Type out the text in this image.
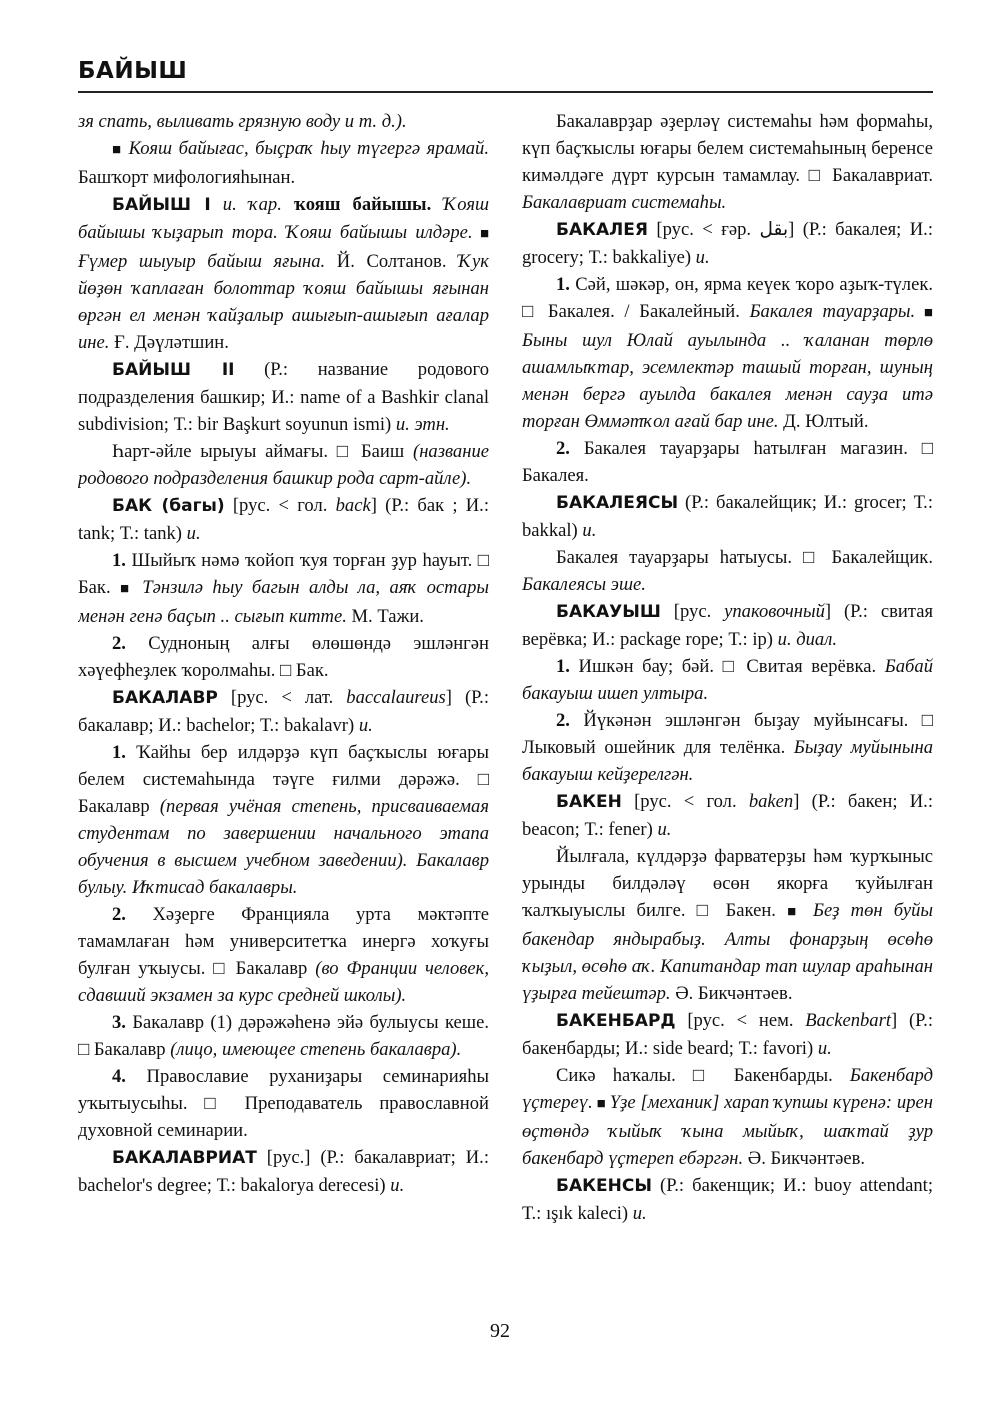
БАЙЫШ

зя спать, выливать грязную воду и т. д.).

■ Кояш байығас, быҫраҡ һыу түгергә ярамай. Башҡорт мифологияһынан.

БАЙЫШ I и. ҡар. ҡояш байышы. Ҡояш байышы ҡыҙарып тора. Ҡояш байышы илдәре. ■ Ғүмер шыуыр байыш яғына. Й. Солтанов. Ҡук йөҙөн ҡаплаған болоттар ҡояш байышы яғынан өргән ел менән ҡайҙалыр ашығып-ашығып ағалар ине. Ғ. Дәүләтшин.

БАЙЫШ II (Р.: название родового подразделения башкир; И.: name of a Bashkir clanal subdivision; Т.: bir Başkurt soyunun ismi) и. этн.

Һарт-әйле ырыуы аймағы. □ Баиш (название родового подразделения башкир рода сарт-айле).

БАК (багы) [рус. < гол. back] (Р.: бак ; И.: tank; Т.: tank) и.

1. Шыйыҡ нәмә ҡойоп ҡуя торған ҙур һауыт. □ Бак. ■ Тәнзилә һыу багын алды ла, аяҡ остары менән генә баҫып .. сығып китте. М. Тажи.

2. Судноның алғы өлөшөндә эшләнгән хәүефһеҙлек ҡоролмаһы. □ Бак.

БАКАЛАВР [рус. < лат. baccalaureus] (Р.: бакалавр; И.: bachelor; Т.: bakalavr) и.

1. Ҡайһы бер илдәрҙә күп баҫҡыслы юғары белем системаһында тәүге ғилми дәрәжә. □ Бакалавр (первая учёная степень, присваиваемая студентам по завершении начального этапа обучения в высшем учебном заведении). Бакалавр булыу. Иҡтисад бакалавры.

2. Хәҙерге Францияла урта мәктәпте тамамлаған һәм университетҡа инергә хоҡуғы булған уҡыусы. □ Бакалавр (во Франции человек, сдавший экзамен за курс средней школы).

3. Бакалавр (1) дәрәжәһенә эйә булыусы кеше. □ Бакалавр (лицо, имеющее степень бакалавра).

4. Православие руханиҙары семинарияһы уҡытыусыһы. □ Преподаватель православной духовной семинарии.

БАКАЛАВРИАТ [рус.] (Р.: бакалавриат; И.: bachelor's degree; Т.: bakalorya derecesi) и.

Бакалаврҙар әҙерләү системаһы һәм формаһы, күп баҫҡыслы юғары белем системаһының беренсе кимәлдәге дүрт курсын тамамлау. □ Бакалавриат. Бакалавриат системаһы.

БАКАЛЕЯ [рус. < ғәр. بقل] (Р.: бакалея; И.: grocery; Т.: bakkaliye) и.

1. Сәй, шәкәр, он, ярма кеүек ҡоро аҙыҡ-түлек. □ Бакалея. / Бакалейный. Бакалея тауарҙары. ■ Быны шул Юлай ауылында .. ҡаланан төрлө ашамлыҡтар, эсемлектәр ташый торған, шуның менән бергә ауылда бакалея менән сауҙа итә торған Өммәтҡол ағай бар ине. Д. Юлтый.

2. Бакалея тауарҙары һатылған магазин. □ Бакалея.

БАКАЛЕЯСЫ (Р.: бакалейщик; И.: grocer; Т.: bakkal) и.

Бакалея тауарҙары һатыусы. □ Бакалейщик. Бакалеясы эше.

БАКАУЫШ [рус. упаковочный] (Р.: свитая верёвка; И.: package rope; Т.: ip) и. диал.

1. Ишкән бау; бәй. □ Свитая верёвка. Бабай бакауыш ишеп ултыра.

2. Йүкәнән эшләнгән быҙау муйынсағы. □ Лыковый ошейник для телёнка. Быҙау муйынына бакауыш кейҙерелгән.

БАКЕН [рус. < гол. baken] (Р.: бакен; И.: beacon; Т.: fener) и.

Йылғала, күлдәрҙә фарватерҙы һәм ҡурҡыныс урынды билдәләү өсөн якорға ҡуйылған ҡалҡыуыслы билге. □ Бакен. ■ Беҙ төн буйы бакендар яндырабыҙ. Алты фонарҙың өсөһө ҡыҙыл, өсөһө аҡ. Капитандар тап шулар араһынан үҙырға тейештәр. Ә. Бикчәнтәев.

БАКЕНБАРД [рус. < нем. Backenbart] (Р.: бакенбарды; И.: side beard; Т.: favori) и.

Сикә һаҡалы. □ Бакенбарды. Бакенбард үҫтереү. ■ Үҙе [механик] харап ҡупшы күренә: ирен өҫтөндә ҡыйыҡ ҡына мыйыҡ, шаҡтай ҙур бакенбард үҫтереп ебәргән. Ә. Бикчәнтәев.

БАКЕНСЫ (Р.: бакенщик; И.: buoy attendant; Т.: ışık kaleci) и.

92
